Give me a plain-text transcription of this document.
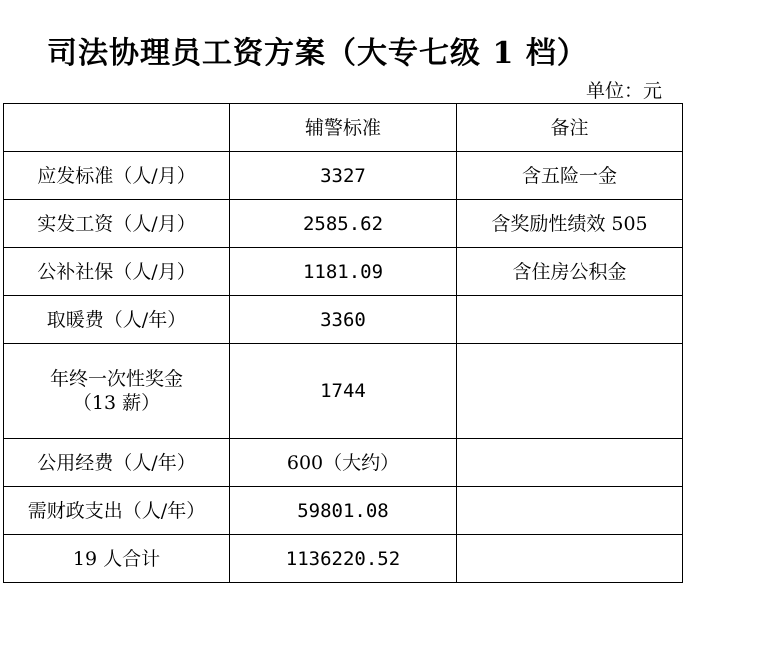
司法协理员工资方案（大专七级 1 档）
单位：元
	辅警标准	备注
应发标准（人/月）	3327	含五险一金
实发工资（人/月）	2585.62	含奖励性绩效 505
公补社保（人/月）	1181.09	含住房公积金
取暖费（人/年）	3360	

年终一次性奖金
（13 薪）	1744	
公用经费（人/年）	600（大约）	
需财政支出（人/年）	59801.08	
19 人合计	1136220.52	
